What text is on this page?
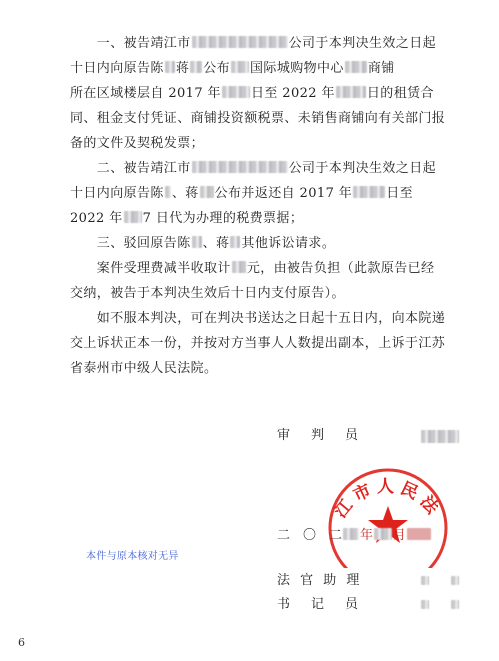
　　一、被告靖江市	公司于本判决生效之日起
十日内向原告陈 蒋 公布 国际城购物中心 商铺
所在区域楼层自 2017 年 日至 2022 年 日的租赁合
同、租金支付凭证、商铺投资额税票、未销售商铺向有关部门报
备的文件及契税发票；
　　二、被告靖江市	公司于本判决生效之日起
十日内向原告陈 、蒋 公布并返还自 2017 年	日至
2022 年 7 日代为办理的税费票据；
　　三、驳回原告陈 、蒋 其他诉讼请求。
　　案件受理费减半收取计 元，由被告负担（此款原告已经
交纳，被告于本判决生效后十日内支付原告）。
　　如不服本判决，可在判决书送达之日起十五日内，向本院递
交上诉状正本一份，并按对方当事人人数提出副本，上诉于江苏
省泰州市中级人民法院。
审　判　员
江市人民法
二　〇　二 年 月
本件与原本核对无异
法 官 助 理
书　记　员
6
